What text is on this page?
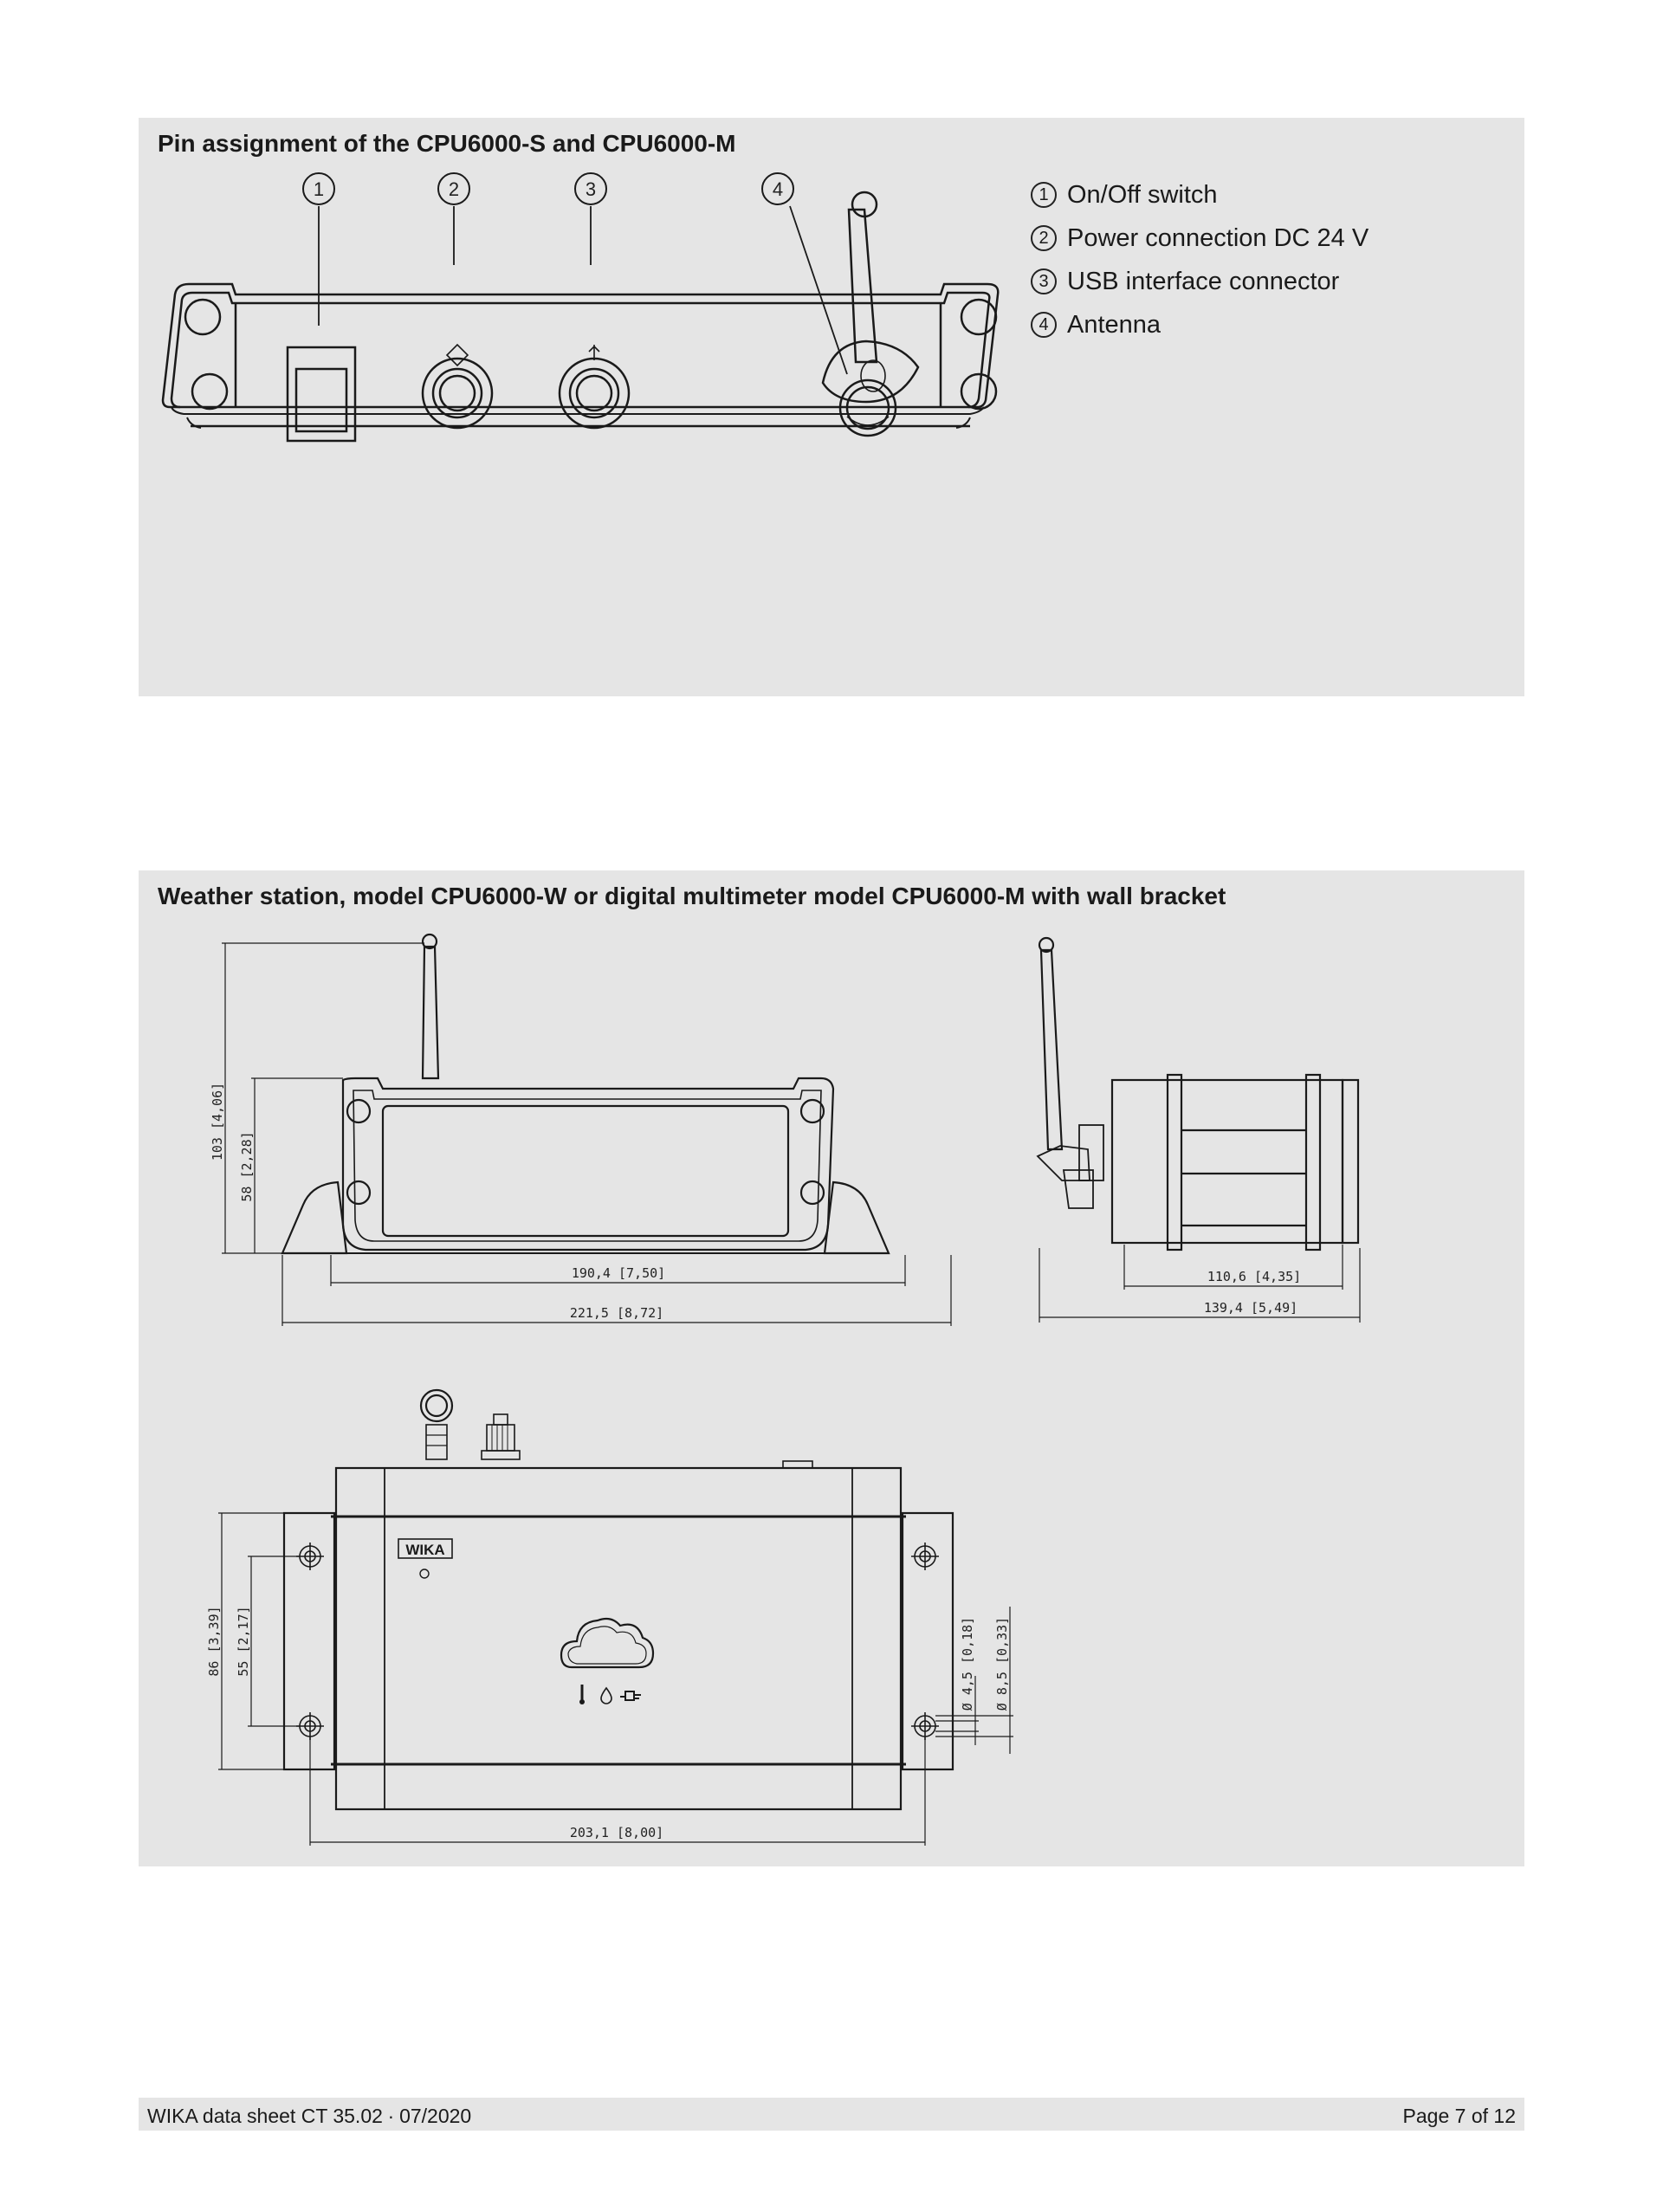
Pin assignment of the CPU6000-S and CPU6000-M
1	2	3	4	1 On/Off switch
2 Power connection DC 24 V
3 USB interface connector
4 Antenna
Weather station, model CPU6000-W or digital multimeter model CPU6000-M with wall bracket
103 [4,06]
58 [2,28]
190,4 [7,50]
221,5 [8,72]
110,6 [4,35]
139,4 [5,49]
WIKA
86 [3,39] 55 [2,17]	Ø 4,5 [0,18] Ø 8,5 [0,33]
203,1 [8,00]
WIKA data sheet CT 35.02 ∙ 07/2020	Page 7 of 12
